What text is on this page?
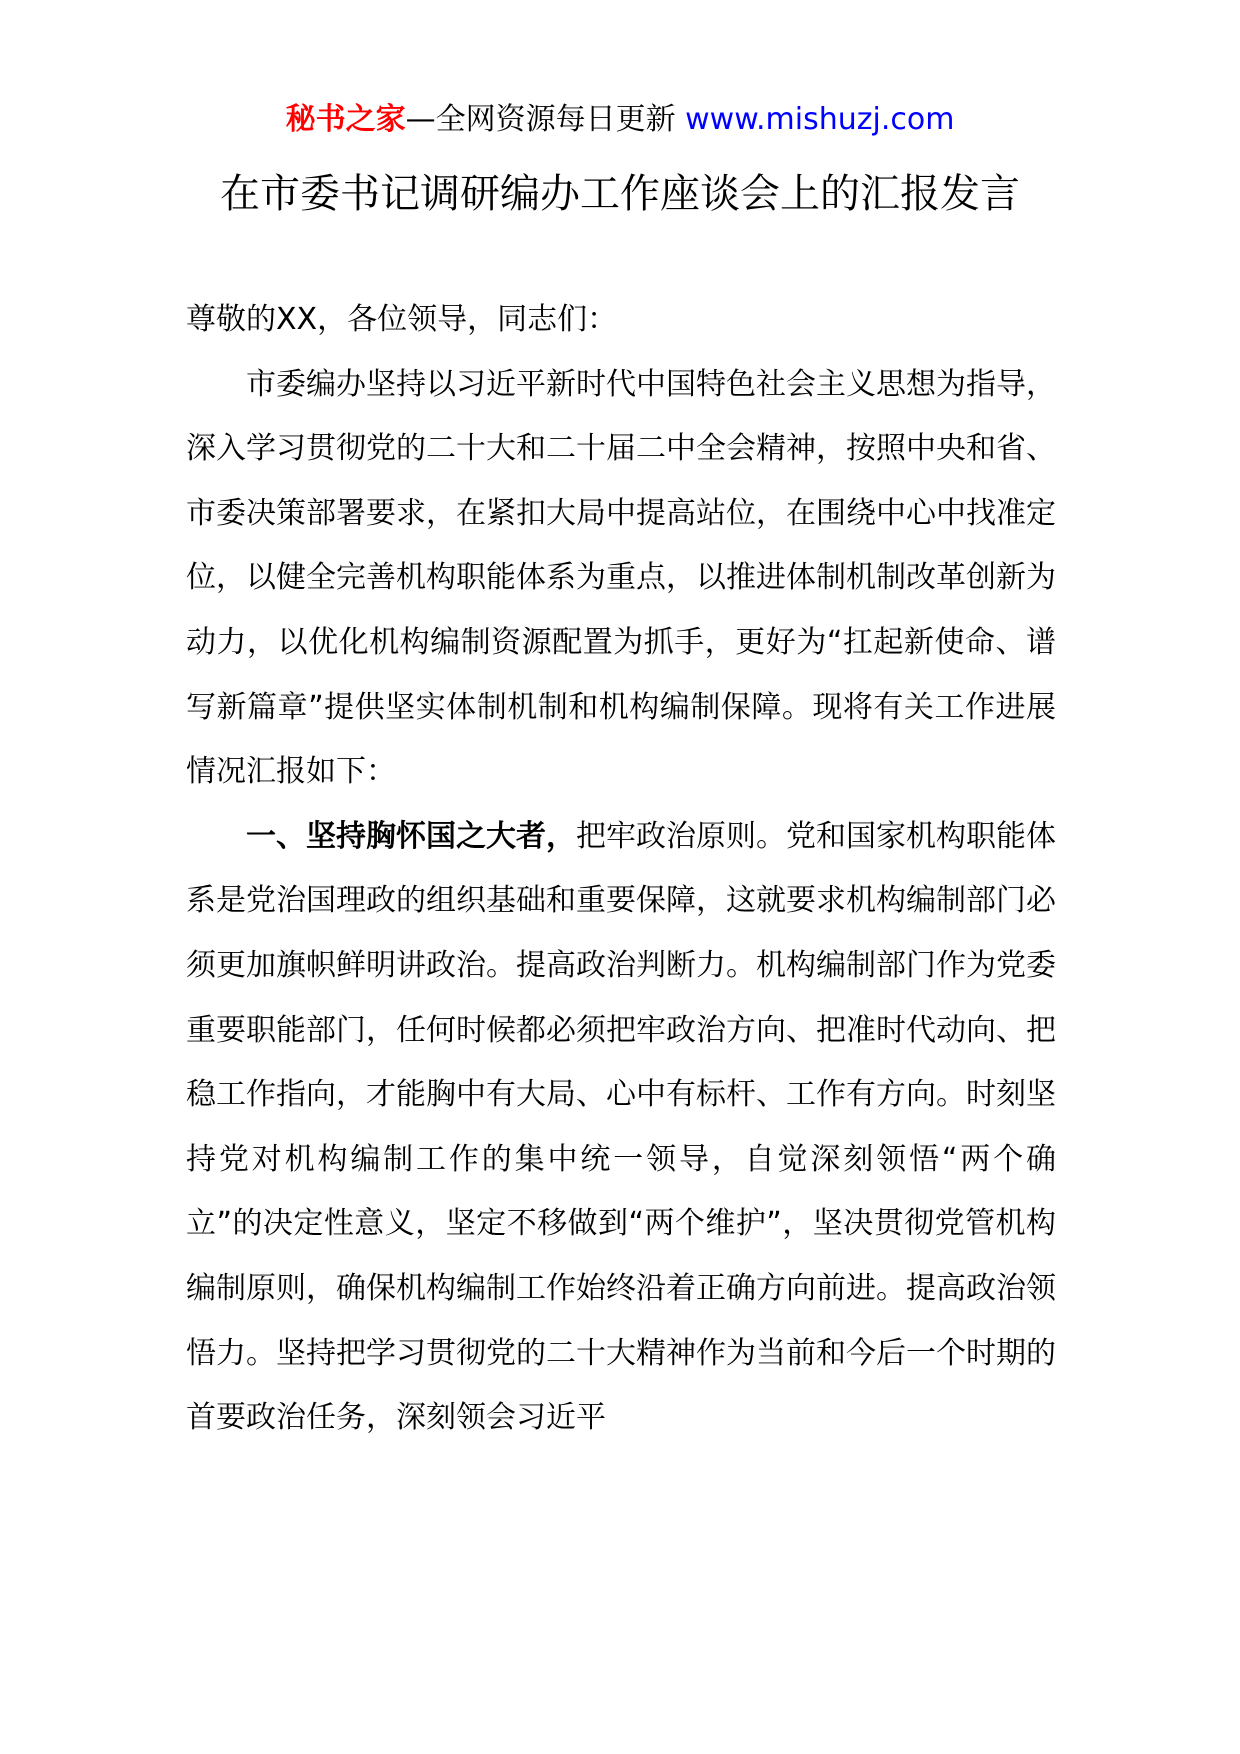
秘书之家—全网资源每日更新 www.mishuzj.com
在市委书记调研编办工作座谈会上的汇报发言

尊敬的XX，各位领导，同志们：

市委编办坚持以习近平新时代中国特色社会主义思想为指导，深入学习贯彻党的二十大和二十届二中全会精神，按照中央和省、市委决策部署要求，在紧扣大局中提高站位，在围绕中心中找准定位，以健全完善机构职能体系为重点，以推进体制机制改革创新为动力，以优化机构编制资源配置为抓手，更好为“扛起新使命、谱写新篇章”提供坚实体制机制和机构编制保障。现将有关工作进展情况汇报如下：

一、坚持胸怀国之大者，把牢政治原则。党和国家机构职能体系是党治国理政的组织基础和重要保障，这就要求机构编制部门必须更加旗帜鲜明讲政治。提高政治判断力。机构编制部门作为党委重要职能部门，任何时候都必须把牢政治方向、把准时代动向、把稳工作指向，才能胸中有大局、心中有标杆、工作有方向。时刻坚持党对机构编制工作的集中统一领导，自觉深刻领悟“两个确立”的决定性意义，坚定不移做到“两个维护”，坚决贯彻党管机构编制原则，确保机构编制工作始终沿着正确方向前进。提高政治领悟力。坚持把学习贯彻党的二十大精神作为当前和今后一个时期的首要政治任务，深刻领会习近平
